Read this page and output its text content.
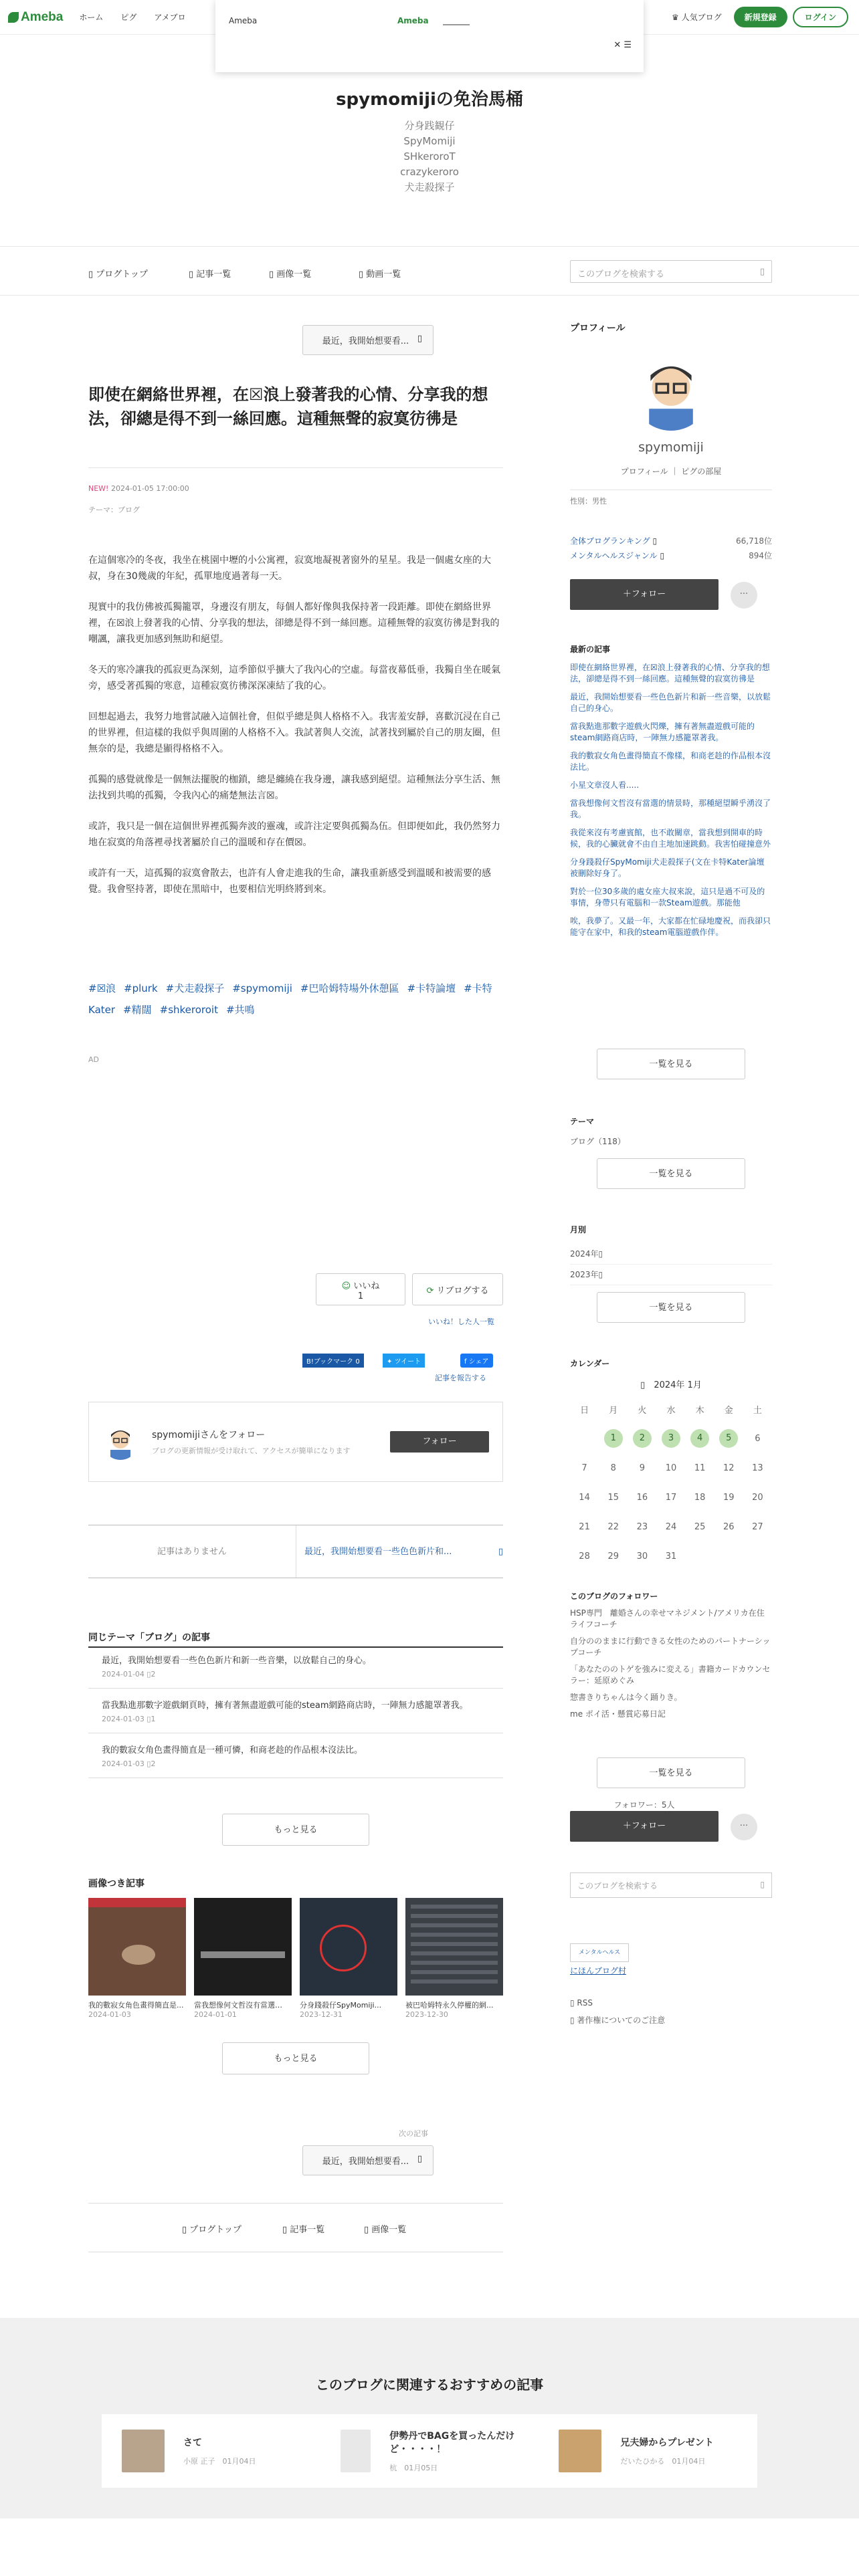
Ameba ホーム ピグ アメブロ	♛ 人気ブログ	新規登録	ログイン
Ameba	Ameba
✕ ☰
spymomijiの免治馬桶
分身践観仔
SpyMomiji
SHkeroroT
crazykeroro
犬走殺探子
▯ プログトップ	▯ 記事一覧	▯ 画像一覧	▯ 動画一覧	このブログを検索する	▯
最近，我開始想要看... ▯
即使在網絡世界裡，在☒浪上發著我的心情、分享我的想法，卻總是得不到一絲回應。這種無聲的寂寞彷彿是
NEW! 2024-01-05 17:00:00
テーマ：ブログ

在這個寒冷的冬夜，我坐在桃園中壢的小公寓裡，寂寞地凝視著窗外的星星。我是一個處女座的大叔，身在30幾歲的年紀，孤單地度過著每一天。

現實中的我仿佛被孤獨籠罩，身邊沒有朋友，每個人都好像與我保持著一段距離。即使在網絡世界裡，在☒浪上發著我的心情、分享我的想法，卻總是得不到一絲回應。這種無聲的寂寞彷彿是對我的嘲諷，讓我更加感到無助和絕望。

冬天的寒冷讓我的孤寂更為深刻，這季節似乎擴大了我內心的空虛。每當夜幕低垂，我獨自坐在暖氣旁，感受著孤獨的寒意，這種寂寞彷彿深深凍結了我的心。

回想起過去，我努力地嘗試融入這個社會，但似乎總是與人格格不入。我害羞安靜，喜歡沉浸在自己的世界裡，但這樣的我似乎與周圍的人格格不入。我試著與人交流，試著找到屬於自己的朋友圈，但無奈的是，我總是顯得格格不入。

孤獨的感覺就像是一個無法擺脫的枷鎖，總是纏繞在我身邊，讓我感到絕望。這種無法分享生活、無法找到共鳴的孤獨，令我內心的痛楚無法言☒。

或許，我只是一個在這個世界裡孤獨奔波的靈魂，或許注定要與孤獨為伍。但即便如此，我仍然努力地在寂寞的角落裡尋找著屬於自己的溫暖和存在價☒。

或許有一天，這孤獨的寂寞會散去，也許有人會走進我的生命，讓我重新感受到溫暖和被需要的感覺。我會堅持著，即使在黑暗中，也要相信光明終將到來。

#☒浪 #plurk #犬走殺探子 #spymomiji #巴哈姆特場外休憩區 #卡特論壇 #卡特Kater #精闊 #shkeroroit #共鳴
AD
☺ いいね
1
⟳ リブログする
いいね！した人一覧
B!ブックマーク 0	✦ ツイート	f シェア
記事を報告する
spymomijiさんをフォロー
ブログの更新情報が受け取れて、アクセスが簡単になります
フォロー
記事はありません	最近，我開始想要看一些色色新片和...	▯
同じテーマ「ブログ」の記事
最近，我開始想要看一些色色新片和新一些音樂，以放鬆自己的身心。
2024-01-04 ▯2
當我點進那數字遊戲網頁時，擁有著無盡遊戲可能的steam網路商店時，一陣無力感籠罩著我。
2024-01-03 ▯1
我的數寂女角色畫得簡直是一種可憐，和商老趁的作品根本沒法比。
2024-01-03 ▯2
もっと見る
画像つき記事
我的數寂女角色畫得簡直是...
2024-01-03
當我想像何文哲沒有當選…
2024-01-01
分身踐殺仔SpyMomiji...
2023-12-31
被巴哈姆特永久停權的網...
2023-12-30
もっと見る
次の記事
最近，我開始想要看... ▯
▯ プログトップ	▯ 記事一覧	▯ 画像一覧
プロフィール
spymomiji
プロフィール ｜ ピグの部屋
性別：男性
全体ブログランキング ▯	66,718位
メンタルヘルスジャンル ▯	894位
＋フォロー	···
最新の記事
即使在網絡世界裡，在☒浪上發著我的心情、分享我的想法，卻總是得不到一絲回應。這種無聲的寂寞彷彿是
最近，我開始想要看一些色色新片和新一些音樂，以放鬆自己的身心。
當我點進那數字遊戲火閃爍，擁有著無盡遊戲可能的steam網路商店時，一陣無力感籠罩著我。
我的數寂女角色畫得簡直不像樣，和商老趁的作品根本沒法比。
小星文章沒人看.....
當我想像何文哲沒有當選的情景時，那種絕望瞬乎湧沒了我。
我從來沒有考慮賓館，也不敢關章，當我想到開車的時候，我的心臟就會不由自主地加速跳動。我害怕碰撞意外
分身踐殺仔SpyMomiji犬走殺探子(文在卡特Kater論壇被刪除好身了。
對於一位30多歲的處女座大叔來說，這只是過不可及的事情，身帶只有電腦和一款Steam遊戲。那能他
唉，我夢了。又最一年，大家都在忙碌地慶祝，而我卻只能守在家中，和我的steam電腦遊戲作伴。
一覧を見る
テーマ
ブログ（118）
一覧を見る
月別
2024年▯
2023年▯
一覧を見る
カレンダー
▯　 2024年 1月
日	月	火	水	木	金	土
	1	2	3	4	5	6
7	8	9	10	11	12	13
14	15	16	17	18	19	20
21	22	23	24	25	26	27
28	29	30	31			
このブログのフォロワー
HSP専門　離婚さんの幸せマネジメント/アメリカ在住ライフコーチ
自分ののままに行動できる女性のためのパートナーシップコーチ
「あなたののトゲを強みに変える」書籍カードカウンセラー：延原めぐみ
惣書きりちゃんは今く踊りき。
me ポイ活・懸賞応募日記
一覧を見る
フォロワー：5人
＋フォロー	···
このブログを検索する	▯
メンタルヘルス
にほんブログ村
▯ RSS
▯ 著作権についてのご注意
このブログに関連するおすすめの記事
さて
小原 正子　 01月04日
伊勢丹でBAGを買ったんだけど・・・・！
杭　 01月05日
兄夫婦からプレゼント
だいたひかる　 01月04日
